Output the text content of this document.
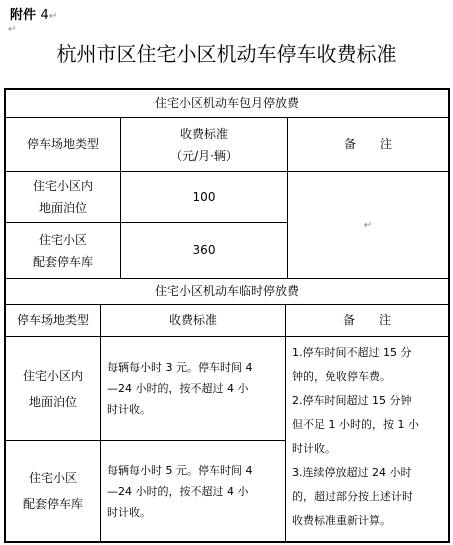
附件 4↵
↵
杭州市区住宅小区机动车停车收费标准
住宅小区机动车包月停放费
停车场地类型
收费标准
（元/月·辆）
备　　注
住宅小区内
地面泊位
100
住宅小区
配套停车库
360
↵
住宅小区机动车临时停放费
停车场地类型	收费标准	备　　注
住宅小区内
地面泊位
每辆每小时 3 元。停车时间 4
—24 小时的，按不超过 4 小
时计收。
住宅小区
配套停车库
每辆每小时 5 元。停车时间 4
—24 小时的，按不超过 4 小
时计收。
1.停车时间不超过 15 分
钟的，免收停车费。
2.停车时间超过 15 分钟
但不足 1 小时的，按 1 小
时计收。
3.连续停放超过 24 小时
的，超过部分按上述计时
收费标准重新计算。
